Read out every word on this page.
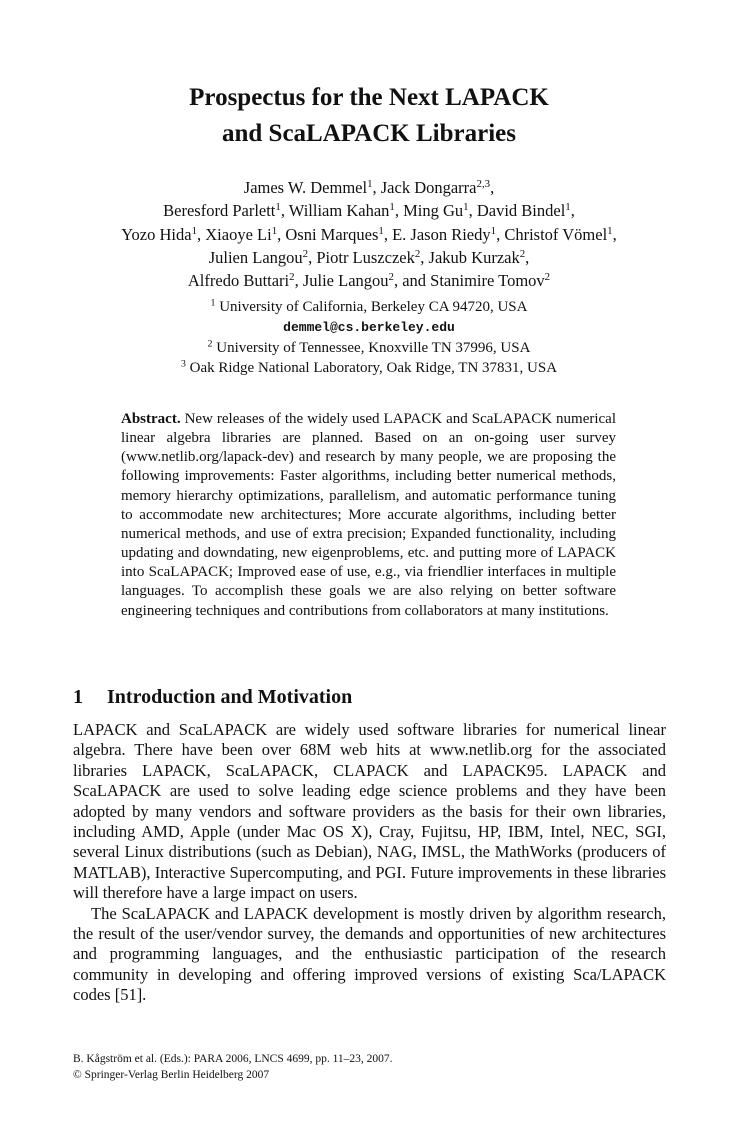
Prospectus for the Next LAPACK
and ScaLAPACK Libraries
James W. Demmel$^1$, Jack Dongarra$^{2,3}$,
Beresford Parlett$^1$, William Kahan$^1$, Ming Gu$^1$, David Bindel$^1$,
Yozo Hida$^1$, Xiaoye Li$^1$, Osni Marques$^1$, E. Jason Riedy$^1$, Christof Vömel$^1$,
Julien Langou$^2$, Piotr Luszczek$^2$, Jakub Kurzak$^2$,
Alfredo Buttari$^2$, Julie Langou$^2$, and Stanimire Tomov$^2$
$^1$ University of California, Berkeley CA 94720, USA
demmel@cs.berkeley.edu
$^2$ University of Tennessee, Knoxville TN 37996, USA
$^3$ Oak Ridge National Laboratory, Oak Ridge, TN 37831, USA
Abstract. New releases of the widely used LAPACK and ScaLAPACK numerical linear algebra libraries are planned. Based on an on-going user survey (www.netlib.org/lapack-dev) and research by many people, we are proposing the following improvements: Faster algorithms, including better numerical methods, memory hierarchy optimizations, parallelism, and automatic performance tuning to accommodate new architectures; More accurate algorithms, including better numerical methods, and use of extra precision; Expanded functionality, including updating and downdating, new eigenproblems, etc. and putting more of LAPACK into ScaLAPACK; Improved ease of use, e.g., via friendlier interfaces in multiple languages. To accomplish these goals we are also relying on better software engineering techniques and contributions from collaborators at many institutions.
1 Introduction and Motivation

LAPACK and ScaLAPACK are widely used software libraries for numerical linear algebra. There have been over 68M web hits at www.netlib.org for the associated libraries LAPACK, ScaLAPACK, CLAPACK and LAPACK95. LAPACK and ScaLAPACK are used to solve leading edge science problems and they have been adopted by many vendors and software providers as the basis for their own libraries, including AMD, Apple (under Mac OS X), Cray, Fujitsu, HP, IBM, Intel, NEC, SGI, several Linux distributions (such as Debian), NAG, IMSL, the MathWorks (producers of MATLAB), Interactive Supercomputing, and PGI. Future improvements in these libraries will therefore have a large impact on users.

The ScaLAPACK and LAPACK development is mostly driven by algorithm research, the result of the user/vendor survey, the demands and opportunities of new architectures and programming languages, and the enthusiastic participation of the research community in developing and offering improved versions of existing Sca/LAPACK codes [51].

B. Kågström et al. (Eds.): PARA 2006, LNCS 4699, pp. 11–23, 2007.
© Springer-Verlag Berlin Heidelberg 2007
